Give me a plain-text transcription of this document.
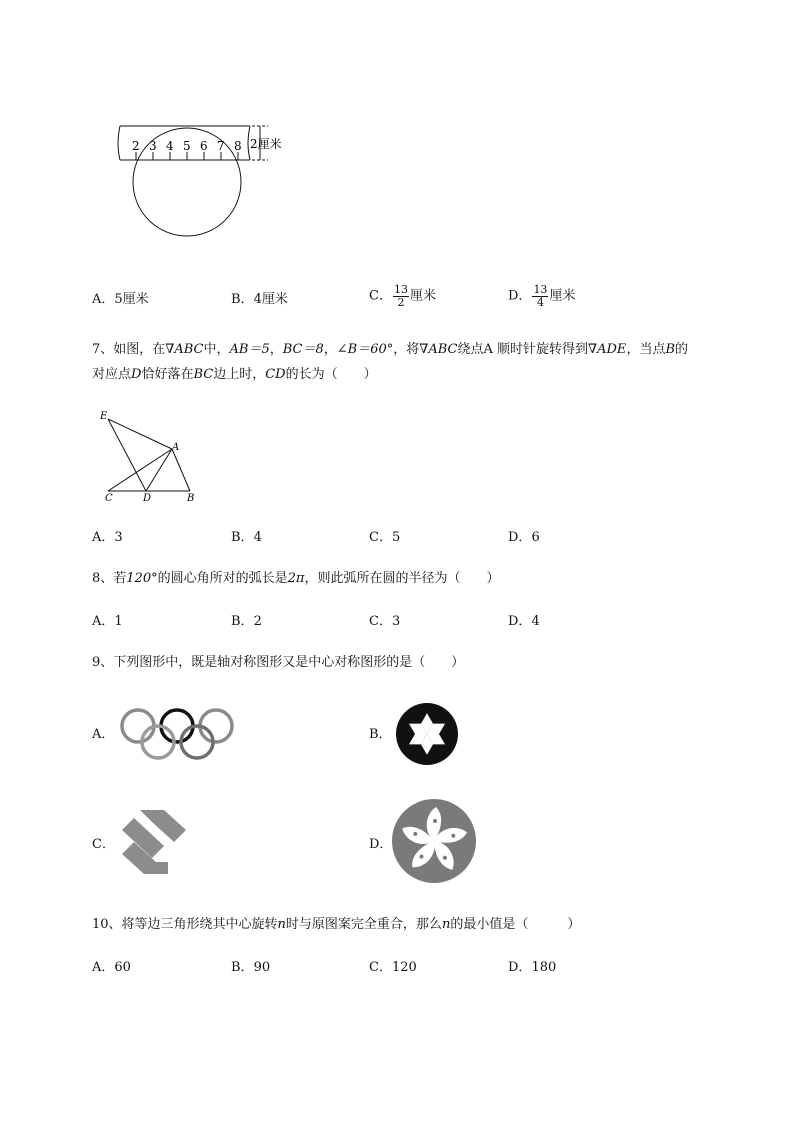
2 3 4 5 6 7 8 2厘米
A．5厘米	B．4厘米	C． $\frac{13}{2}$ 厘米	D． $\frac{13}{4}$ 厘米
7、如图，在∇ABC中，AB＝5，BC＝8，∠B＝60°，将∇ABC绕点A 顺时针旋转得到∇ADE，当点B的
对应点D恰好落在BC边上时，CD的长为（　　）
E
A
C	D	B
A．3	B．4	C．5	D．6
8、若120°的圆心角所对的弧长是2π，则此弧所在圆的半径为（　　）
A．1	B．2	C．3	D．4
9、下列图形中，既是轴对称图形又是中心对称图形的是（　　）
A．	B．
C．	D．
10、将等边三角形绕其中心旋转n时与原图案完全重合，那么n的最小值是（　　　）
A．60	B．90	C．120	D．180
